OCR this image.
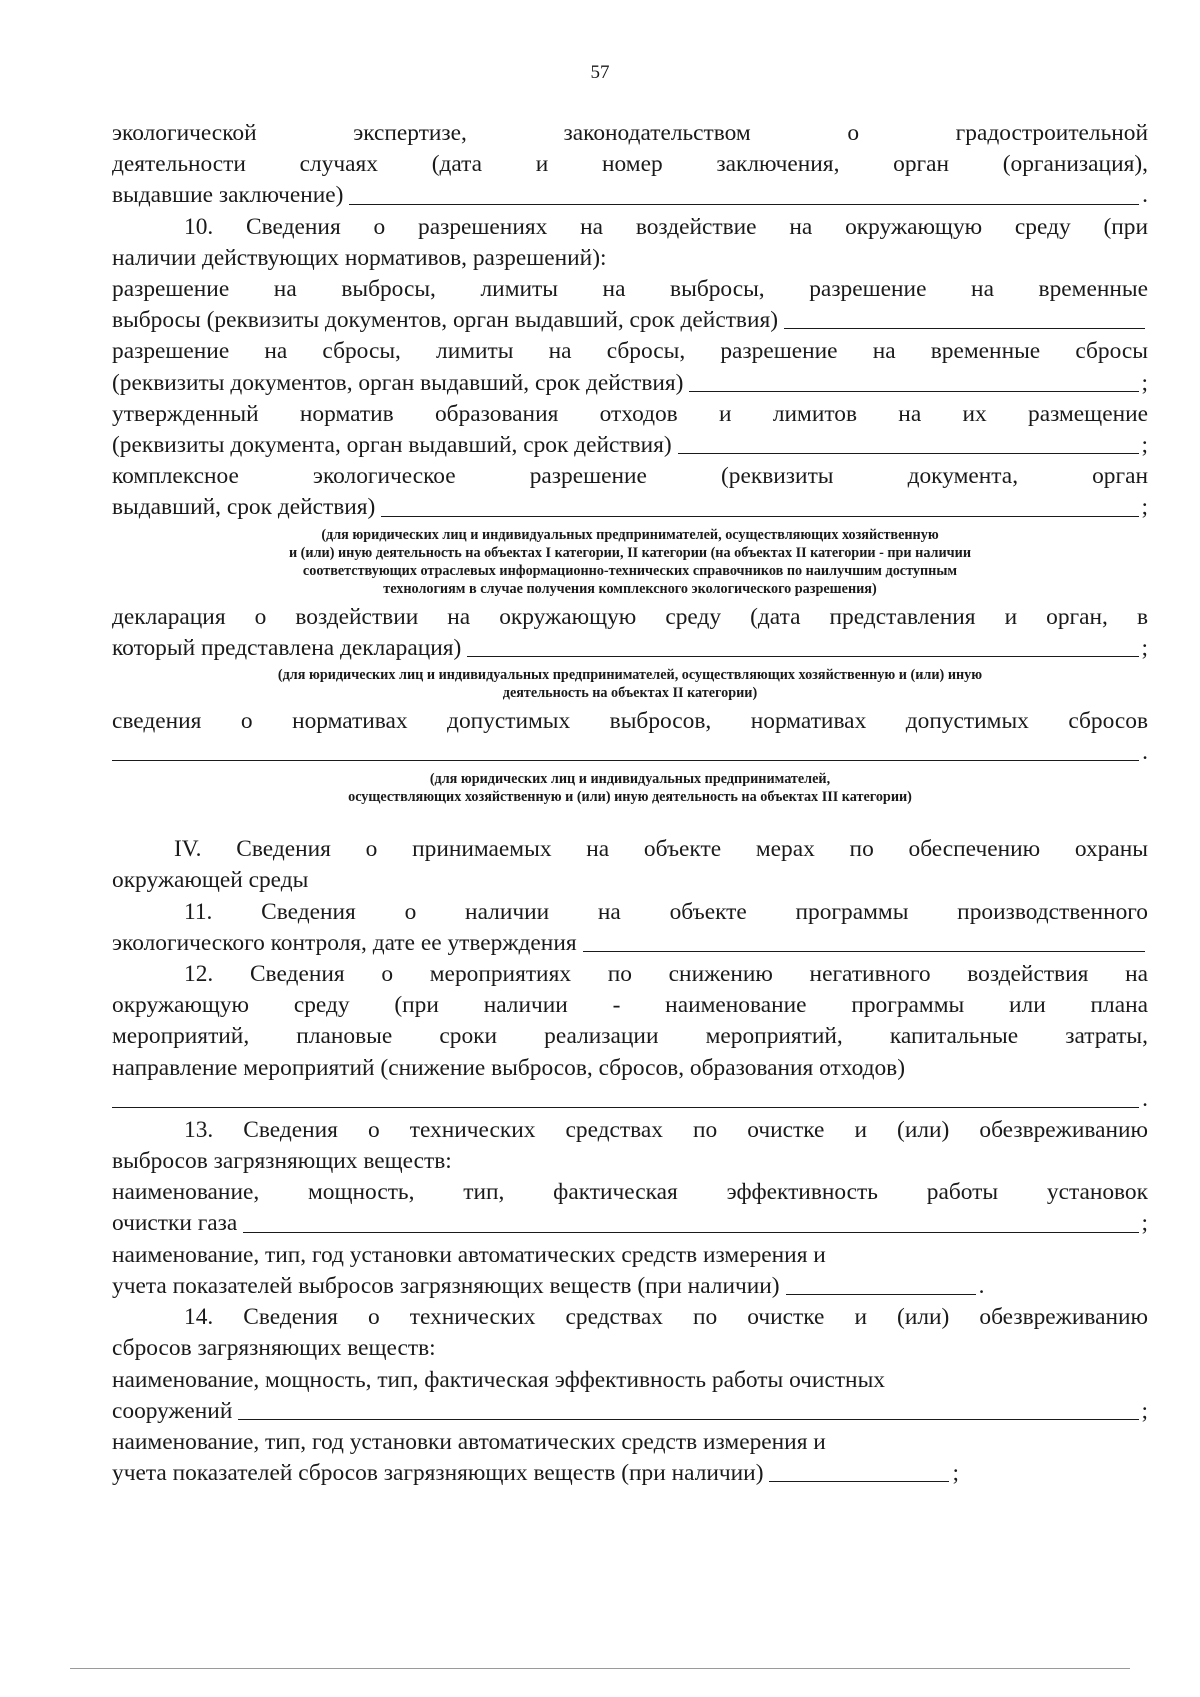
57

экологической экспертизе, законодательством о градостроительной

деятельности случаях (дата и номер заключения, орган (организация),

выдавшие заключение)	.

10. Сведения о разрешениях на воздействие на окружающую среду (при

наличии действующих нормативов, разрешений):

разрешение на выбросы, лимиты на выбросы, разрешение на временные

выбросы (реквизиты документов, орган выдавший, срок действия)

разрешение на сбросы, лимиты на сбросы, разрешение на временные сбросы

(реквизиты документов, орган выдавший, срок действия)	;

утвержденный норматив образования отходов и лимитов на их размещение

(реквизиты документа, орган выдавший, срок действия)	;

комплексное экологическое разрешение (реквизиты документа, орган

выдавший, срок действия)	;
(для юридических лиц и индивидуальных предпринимателей, осуществляющих хозяйственную
и (или) иную деятельность на объектах I категории, II категории (на объектах II категории - при наличии
соответствующих отраслевых информационно-технических справочников по наилучшим доступным
технологиям в случае получения комплексного экологического разрешения)

декларация о воздействии на окружающую среду (дата представления и орган, в

который представлена декларация)	;
(для юридических лиц и индивидуальных предпринимателей, осуществляющих хозяйственную и (или) иную
деятельность на объектах II категории)

сведения о нормативах допустимых выбросов, нормативах допустимых сбросов

.
(для юридических лиц и индивидуальных предпринимателей,
осуществляющих хозяйственную и (или) иную деятельность на объектах III категории)

IV. Сведения о принимаемых на объекте мерах по обеспечению охраны

окружающей среды

11. Сведения о наличии на объекте программы производственного

экологического контроля, дате ее утверждения

12. Сведения о мероприятиях по снижению негативного воздействия на

окружающую среду (при наличии - наименование программы или плана

мероприятий, плановые сроки реализации мероприятий, капитальные затраты,

направление мероприятий (снижение выбросов, сбросов, образования отходов)

.

13. Сведения о технических средствах по очистке и (или) обезвреживанию

выбросов загрязняющих веществ:

наименование, мощность, тип, фактическая эффективность работы установок

очистки газа	;

наименование, тип, год установки автоматических средств измерения и

учета показателей выбросов загрязняющих веществ (при наличии)	.

14. Сведения о технических средствах по очистке и (или) обезвреживанию

сбросов загрязняющих веществ:

наименование, мощность, тип, фактическая эффективность работы очистных

сооружений	;

наименование, тип, год установки автоматических средств измерения и

учета показателей сбросов загрязняющих веществ (при наличии)	;
